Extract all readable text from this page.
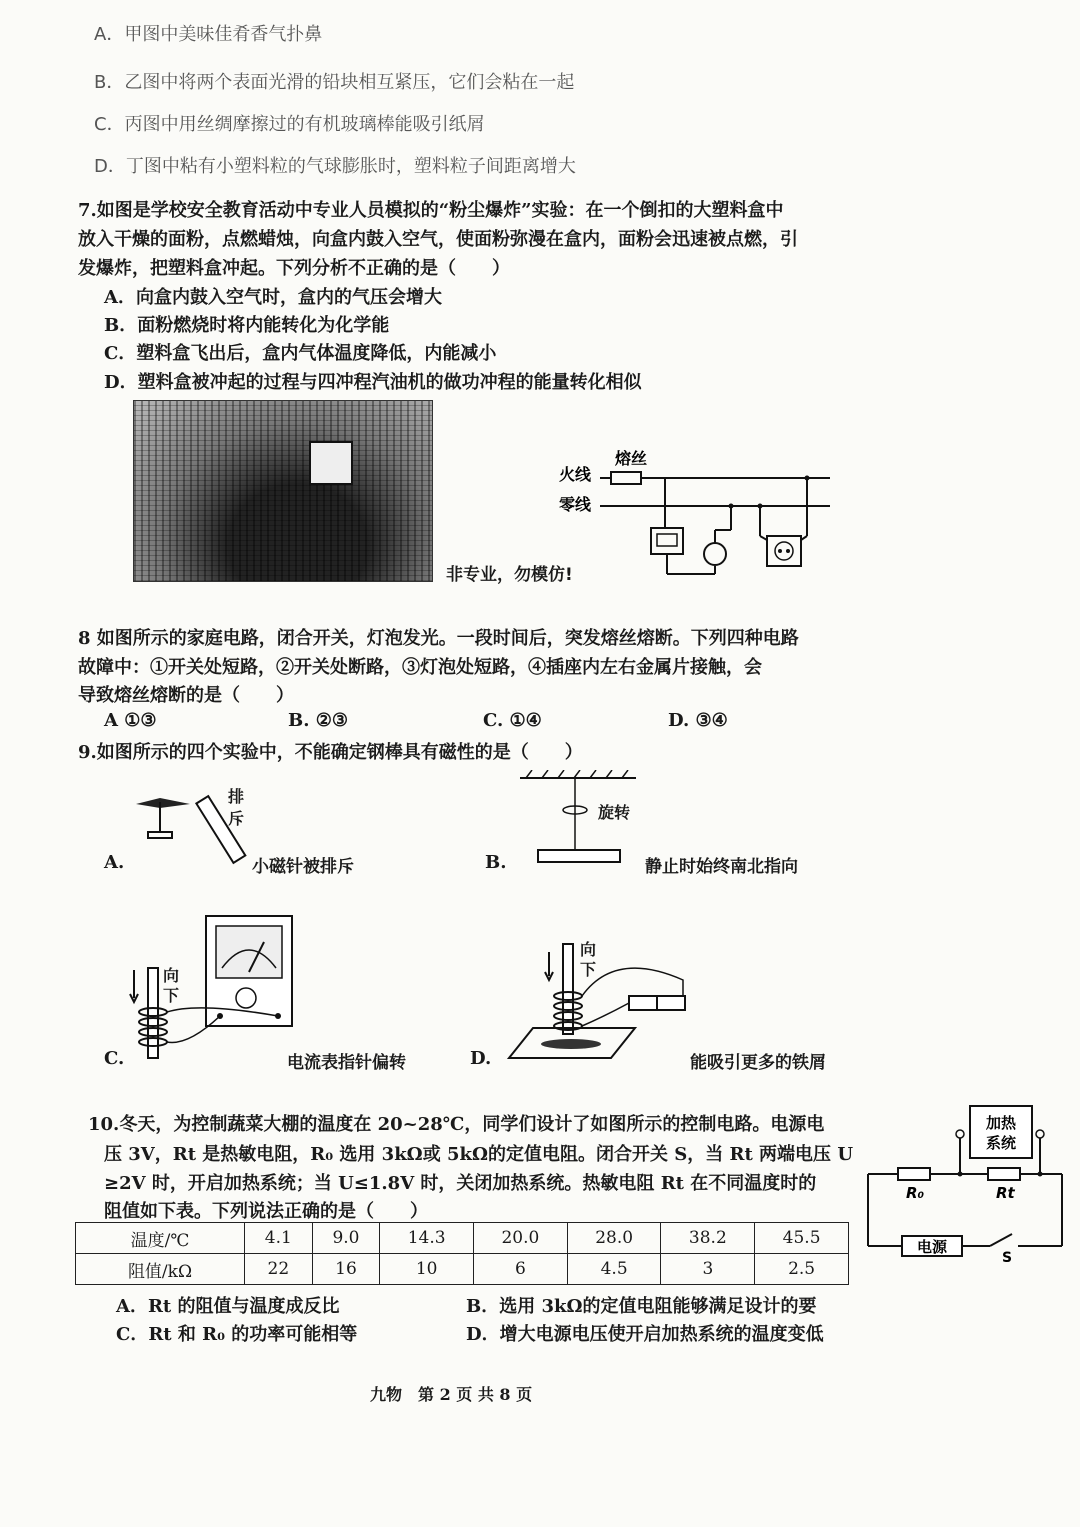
A．甲图中美味佳肴香气扑鼻
B．乙图中将两个表面光滑的铅块相互紧压，它们会粘在一起
C．丙图中用丝绸摩擦过的有机玻璃棒能吸引纸屑
D．丁图中粘有小塑料粒的气球膨胀时，塑料粒子间距离增大
7.如图是学校安全教育活动中专业人员模拟的“粉尘爆炸”实验：在一个倒扣的大塑料盒中
放入干燥的面粉，点燃蜡烛，向盒内鼓入空气，使面粉弥漫在盒内，面粉会迅速被点燃，引
发爆炸，把塑料盒冲起。下列分析不正确的是（　　）
A．向盒内鼓入空气时，盒内的气压会增大
B．面粉燃烧时将内能转化为化学能
C．塑料盒飞出后，盒内气体温度降低，内能减小
D．塑料盒被冲起的过程与四冲程汽油机的做功冲程的能量转化相似
非专业，勿模仿!
熔丝
火线
零线
8 如图所示的家庭电路，闭合开关，灯泡发光。一段时间后，突发熔丝熔断。下列四种电路
故障中：①开关处短路，②开关处断路，③灯泡处短路，④插座内左右金属片接触，会
导致熔丝熔断的是（　　）
A ①③	B. ②③	C. ①④	D. ③④
9.如图所示的四个实验中，不能确定钢棒具有磁性的是（　　）
排斥
A.	小磁针被排斥
旋转
B.	静止时始终南北指向
向下
C.	电流表指针偏转
向下
D.	能吸引更多的铁屑
10.冬天，为控制蔬菜大棚的温度在 20~28℃，同学们设计了如图所示的控制电路。电源电
压 3V，Rt 是热敏电阻，R₀ 选用 3kΩ或 5kΩ的定值电阻。闭合开关 S，当 Rt 两端电压 U
≥2V 时，开启加热系统；当 U≤1.8V 时，关闭加热系统。热敏电阻 Rt 在不同温度时的
阻值如下表。下列说法正确的是（　　）
加热
系统
R₀	Rt
电源
S
温度/℃	4.1	9.0	14.3	20.0	28.0	38.2	45.5
阻值/kΩ	22	16	10	6	4.5	3	2.5
A．Rt 的阻值与温度成反比	B．选用 3kΩ的定值电阻能够满足设计的要
C．Rt 和 R₀ 的功率可能相等	D．增大电源电压使开启加热系统的温度变低
九物　第 2 页 共 8 页
